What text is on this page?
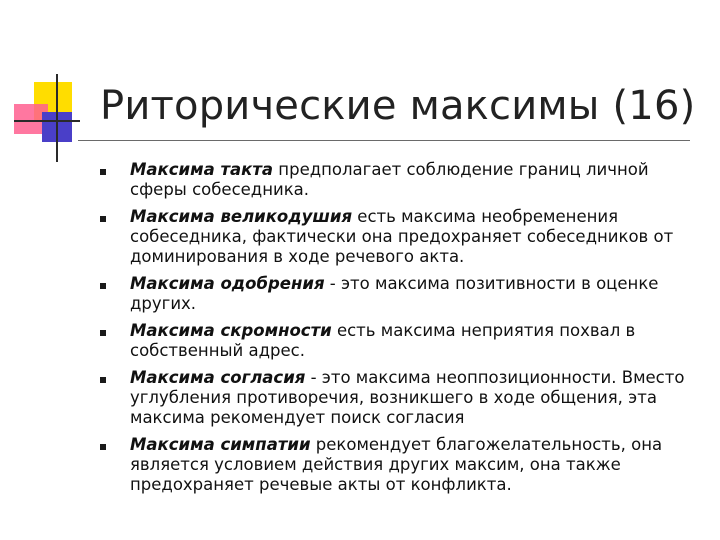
Риторические максимы (16)
Максима такта предполагает соблюдение границ личной сферы собеседника.
Максима великодушия есть максима необременения собеседника, фактически она предохраняет собеседников от доминирования в ходе речевого акта.
Максима одобрения - это максима позитивности в оценке других.
Максима скромности есть максима неприятия похвал в собственный адрес.
Максима согласия - это максима неоппозиционности. Вместо углубления противоречия, возникшего в ходе общения, эта максима рекомендует поиск согласия
Максима симпатии рекомендует благожелательность, она является условием действия других максим, она также предохраняет речевые акты от конфликта.
